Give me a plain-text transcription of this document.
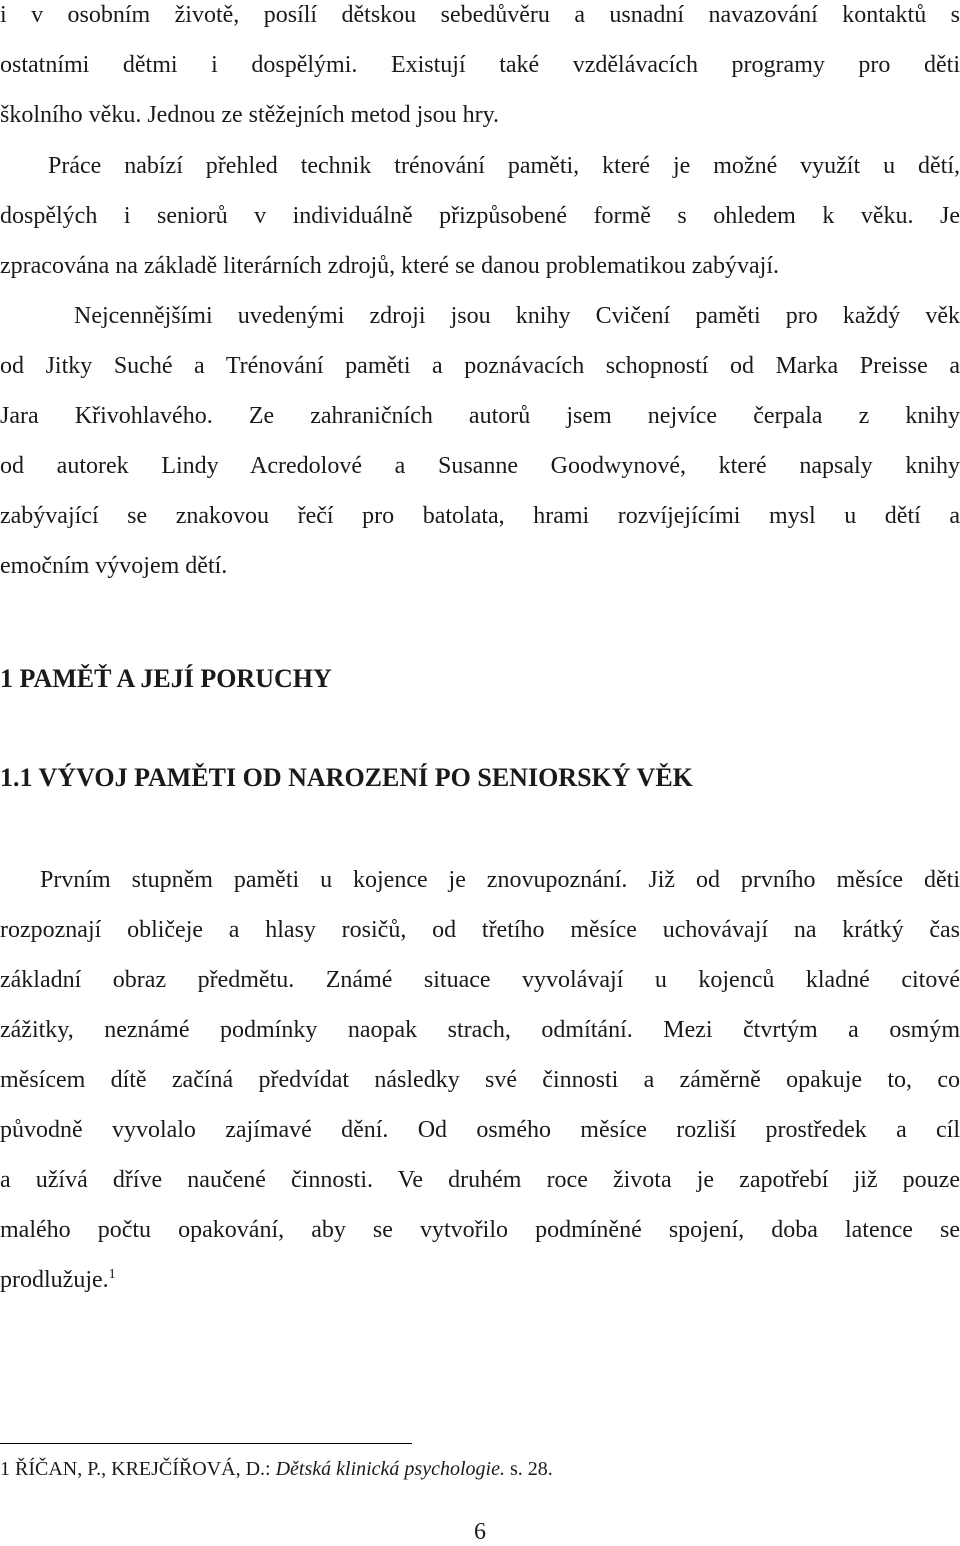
i v osobním životě, posílí dětskou sebedůvěru a usnadní navazování kontaktů s
ostatními dětmi i dospělými. Existují také vzdělávacích programy pro děti
školního věku. Jednou ze stěžejních metod jsou hry.
Práce nabízí přehled technik trénování paměti, které je možné využít u dětí,
dospělých i seniorů v individuálně přizpůsobené formě s ohledem k věku. Je
zpracována na základě literárních zdrojů, které se danou problematikou zabývají.
Nejcennějšími uvedenými zdroji jsou knihy Cvičení paměti pro každý věk
od Jitky Suché a Trénování paměti a poznávacích schopností od Marka Preisse a
Jara Křivohlavého. Ze zahraničních autorů jsem nejvíce čerpala z knihy
od autorek Lindy Acredolové a Susanne Goodwynové, které napsaly knihy
zabývající se znakovou řečí pro batolata, hrami rozvíjejícími mysl u dětí a
emočním vývojem dětí.
1 PAMĚŤ A JEJÍ PORUCHY
1.1 VÝVOJ PAMĚTI OD NAROZENÍ PO SENIORSKÝ VĚK
Prvním stupněm paměti u kojence je znovupoznání. Již od prvního měsíce děti
rozpoznají obličeje a hlasy rosičů, od třetího měsíce uchovávají na krátký čas
základní obraz předmětu. Známé situace vyvolávají u kojenců kladné citové
zážitky, neznámé podmínky naopak strach, odmítání. Mezi čtvrtým a osmým
měsícem dítě začíná předvídat následky své činnosti a záměrně opakuje to, co
původně vyvolalo zajímavé dění. Od osmého měsíce rozliší prostředek a cíl
a užívá dříve naučené činnosti. Ve druhém roce života je zapotřebí již pouze
malého počtu opakování, aby se vytvořilo podmíněné spojení, doba latence se
prodlužuje.$^1$
1 ŘÍČAN, P., KREJČÍŘOVÁ, D.: Dětská klinická psychologie. s. 28.
6
